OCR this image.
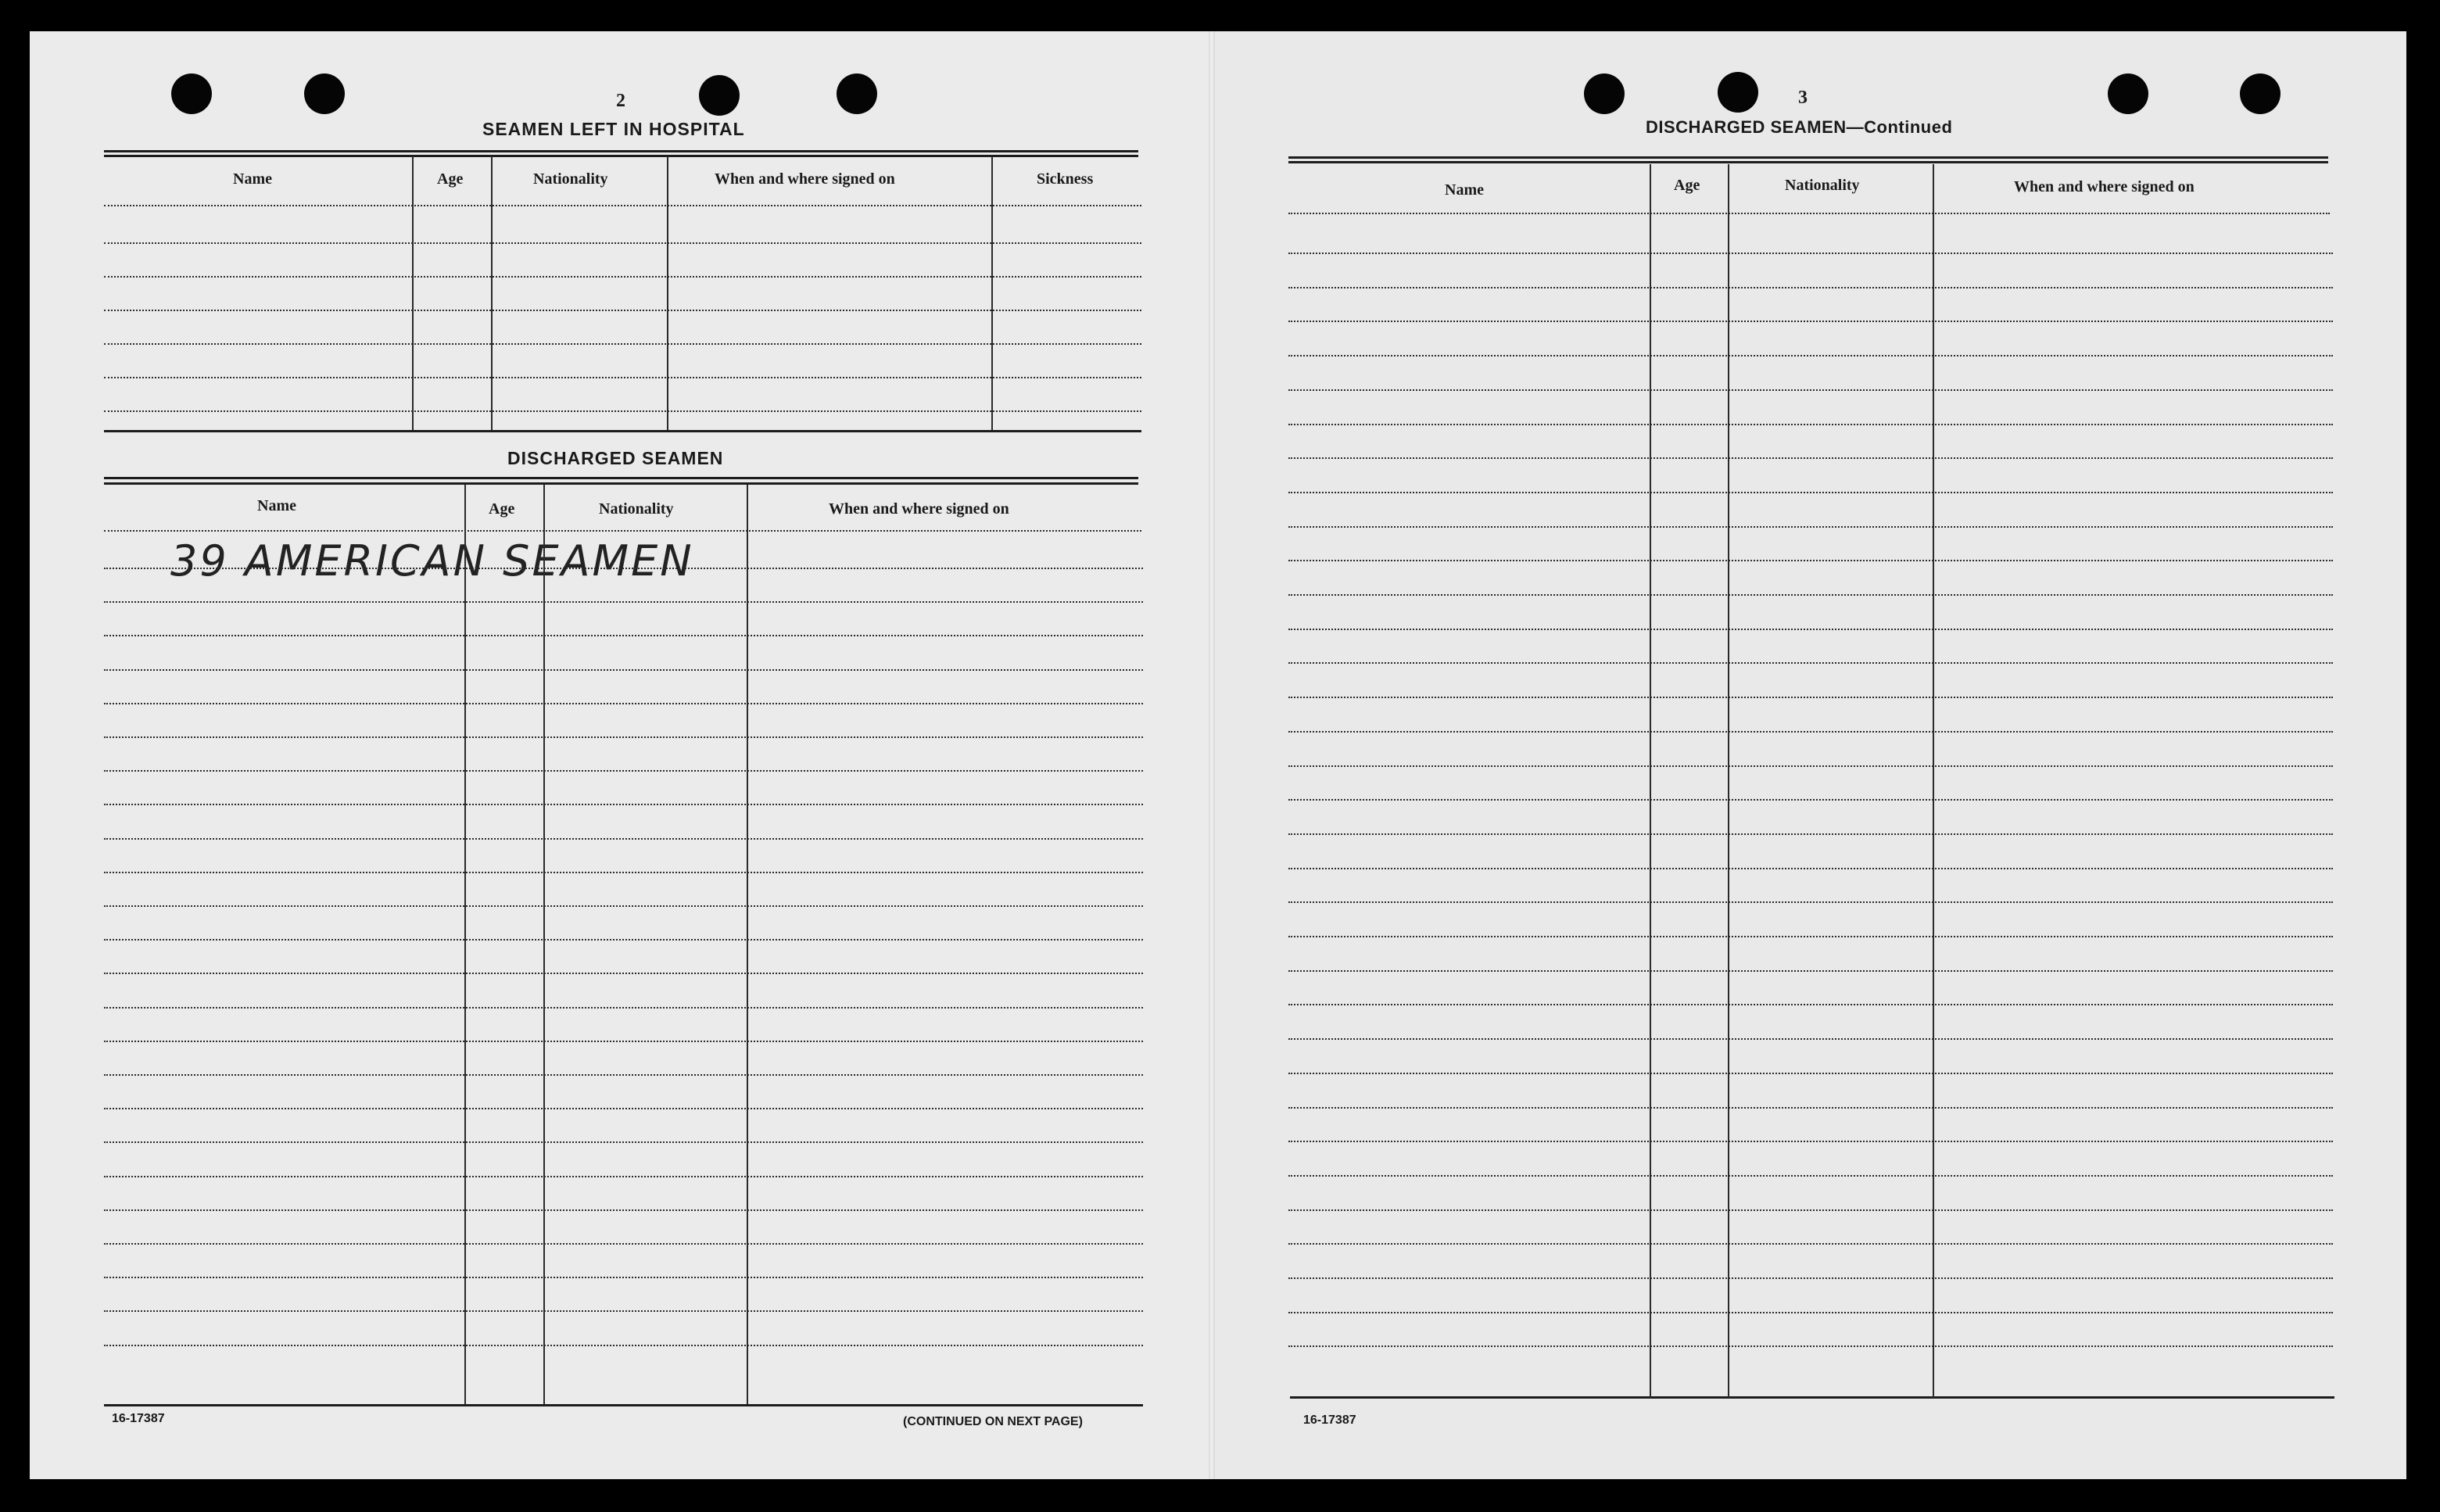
2
SEAMEN LEFT IN HOSPITAL
Name	Age	Nationality	When and where signed on	Sickness
DISCHARGED SEAMEN
Name	Age	Nationality	When and where signed on
39 AMERICAN SEAMEN
16-17387	(CONTINUED ON NEXT PAGE)
3
DISCHARGED SEAMEN—Continued
Name	Age	Nationality	When and where signed on
16-17387
